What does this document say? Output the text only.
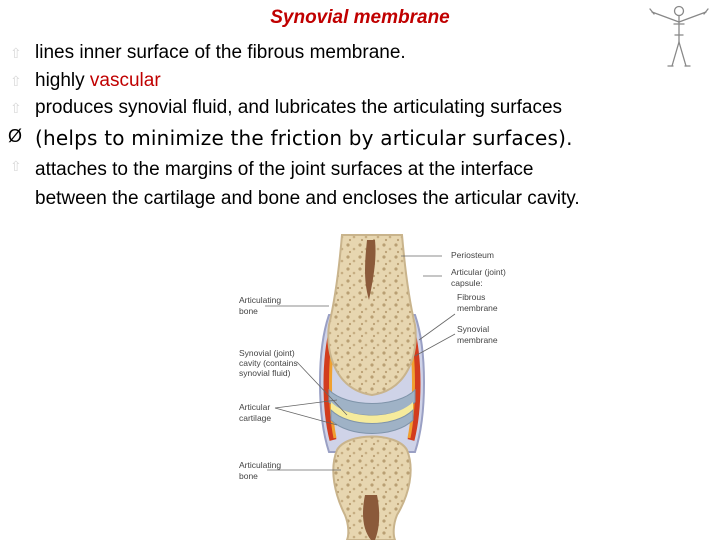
Synovial membrane
⇧ lines inner surface of the fibrous membrane.
⇧ highly vascular
⇧ produces synovial fluid, and lubricates the articulating surfaces
Ø (helps to minimize the friction by articular surfaces).
⇧ attaches to the margins of the joint surfaces at the interface
between the cartilage and bone and encloses the articular cavity.
Articulating
bone
Synovial (joint)
cavity (contains
synovial fluid)
Articular
cartilage
Articulating
bone
Periosteum
Articular (joint)
capsule:
Fibrous
membrane
Synovial
membrane
